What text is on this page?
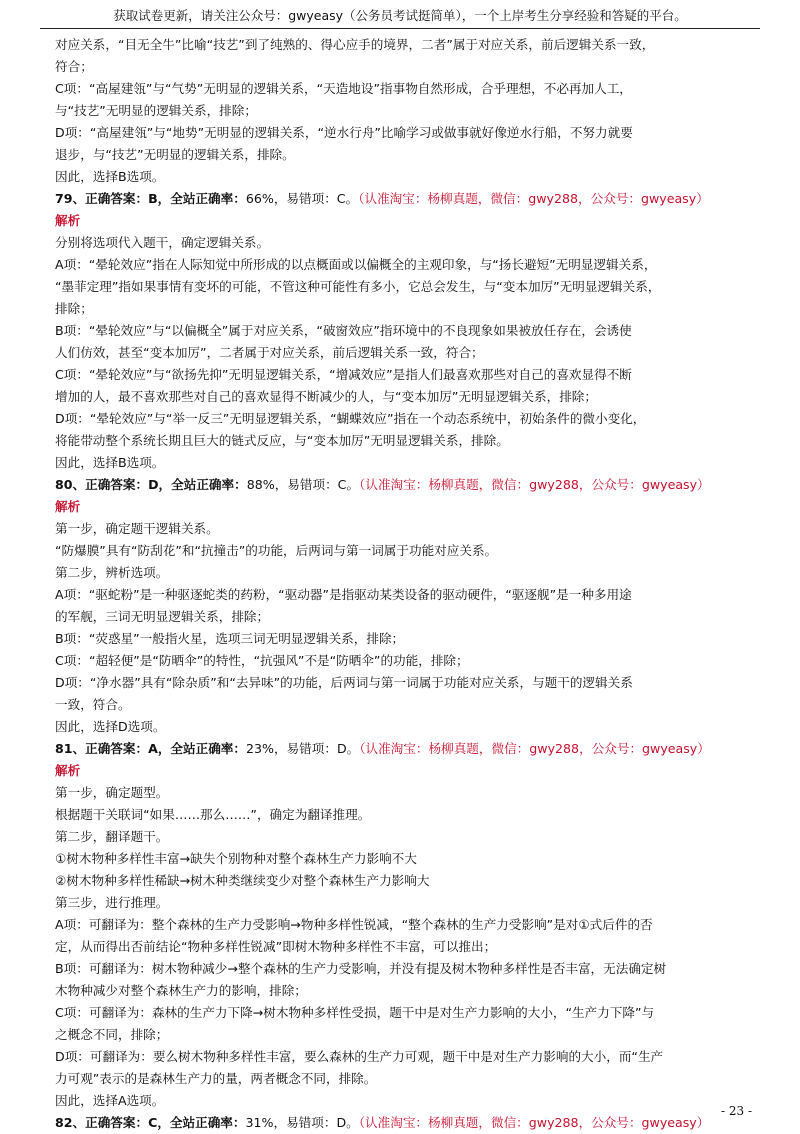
获取试卷更新，请关注公众号：gwyeasy（公务员考试挺简单），一个上岸考生分享经验和答疑的平台。
对应关系，“目无全牛”比喻“技艺”到了纯熟的、得心应手的境界，二者”属于对应关系，前后逻辑关系一致，
符合；
C项：“高屋建瓴”与“气势”无明显的逻辑关系，“天造地设”指事物自然形成，合乎理想，不必再加人工，
与“技艺”无明显的逻辑关系，排除；
D项：“高屋建瓴”与“地势”无明显的逻辑关系，“逆水行舟”比喻学习或做事就好像逆水行船，不努力就要
退步，与“技艺”无明显的逻辑关系，排除。
因此，选择B选项。
79、正确答案：B，全站正确率：66%，易错项：C。（认准淘宝：杨柳真题，微信：gwy288，公众号：gwyeasy）
解析
分别将选项代入题干，确定逻辑关系。
A项：“晕轮效应”指在人际知觉中所形成的以点概面或以偏概全的主观印象，与“扬长避短”无明显逻辑关系，
“墨菲定理”指如果事情有变坏的可能，不管这种可能性有多小，它总会发生，与“变本加厉”无明显逻辑关系，
排除；
B项：“晕轮效应”与“以偏概全”属于对应关系，“破窗效应”指环境中的不良现象如果被放任存在，会诱使
人们仿效，甚至“变本加厉”，二者属于对应关系，前后逻辑关系一致，符合；
C项：“晕轮效应”与“欲扬先抑”无明显逻辑关系，“增减效应”是指人们最喜欢那些对自己的喜欢显得不断
增加的人，最不喜欢那些对自己的喜欢显得不断减少的人，与“变本加厉”无明显逻辑关系，排除；
D项：“晕轮效应”与“举一反三”无明显逻辑关系，“蝴蝶效应”指在一个动态系统中，初始条件的微小变化，
将能带动整个系统长期且巨大的链式反应，与“变本加厉”无明显逻辑关系，排除。
因此，选择B选项。
80、正确答案：D，全站正确率：88%，易错项：C。（认准淘宝：杨柳真题，微信：gwy288，公众号：gwyeasy）
解析
第一步，确定题干逻辑关系。
“防爆膜”具有“防刮花”和“抗撞击”的功能，后两词与第一词属于功能对应关系。
第二步，辨析选项。
A项：“驱蛇粉”是一种驱逐蛇类的药粉，“驱动器”是指驱动某类设备的驱动硬件，“驱逐舰”是一种多用途
的军舰，三词无明显逻辑关系，排除；
B项：“荧惑星”一般指火星，选项三词无明显逻辑关系，排除；
C项：“超轻便”是“防晒伞”的特性，“抗强风”不是“防晒伞”的功能，排除；
D项：“净水器”具有“除杂质”和“去异味”的功能，后两词与第一词属于功能对应关系，与题干的逻辑关系
一致，符合。
因此，选择D选项。
81、正确答案：A，全站正确率：23%，易错项：D。（认准淘宝：杨柳真题，微信：gwy288，公众号：gwyeasy）
解析
第一步，确定题型。
根据题干关联词“如果……那么……”，确定为翻译推理。
第二步，翻译题干。
①树木物种多样性丰富→缺失个别物种对整个森林生产力影响不大
②树木物种多样性稀缺→树木种类继续变少对整个森林生产力影响大
第三步，进行推理。
A项：可翻译为：整个森林的生产力受影响→物种多样性锐减，“整个森林的生产力受影响”是对①式后件的否
定，从而得出否前结论“物种多样性锐减”即树木物种多样性不丰富，可以推出；
B项：可翻译为：树木物种减少→整个森林的生产力受影响，并没有提及树木物种多样性是否丰富，无法确定树
木物种减少对整个森林生产力的影响，排除；
C项：可翻译为：森林的生产力下降→树木物种多样性受损，题干中是对生产力影响的大小，“生产力下降”与
之概念不同，排除；
D项：可翻译为：要么树木物种多样性丰富，要么森林的生产力可观，题干中是对生产力影响的大小，而“生产
力可观”表示的是森林生产力的量，两者概念不同，排除。
因此，选择A选项。
82、正确答案：C，全站正确率：31%，易错项：D。（认准淘宝：杨柳真题，微信：gwy288，公众号：gwyeasy）
- 23 -
